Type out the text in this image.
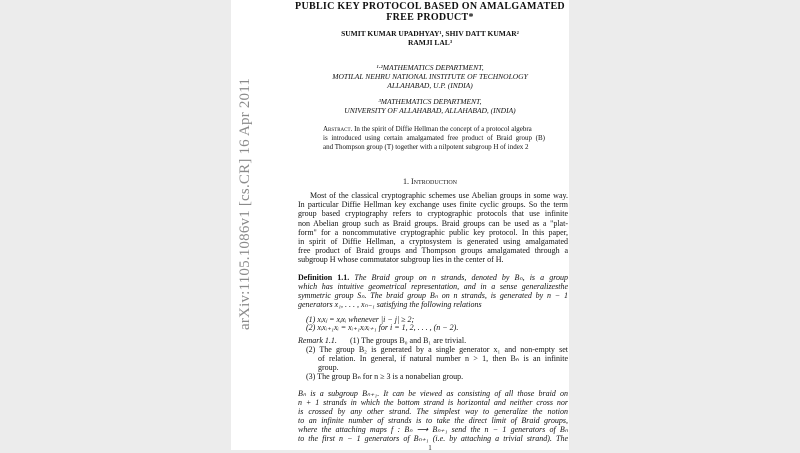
arXiv:1105.1086v1 [cs.CR] 16 Apr 2011
PUBLIC KEY PROTOCOL BASED ON AMALGAMATED
FREE PRODUCT*
SUMIT KUMAR UPADHYAY¹, SHIV DATT KUMAR²
RAMJI LAL³
¹·²MATHEMATICS DEPARTMENT,
MOTILAL NEHRU NATIONAL INSTITUTE OF TECHNOLOGY
ALLAHABAD, U.P. (INDIA)
³MATHEMATICS DEPARTMENT,
UNIVERSITY OF ALLAHABAD, ALLAHABAD, (INDIA)
Abstract. In the spirit of Diffie Hellman the concept of a protocol algebra
is introduced using certain amalgamated free product of Braid group (B)
and Thompson group (T) together with a nilpotent subgroup H of index 2
1. Introduction
Most of the classical cryptographic schemes use Abelian groups in some way.
In particular Diffie Hellman key exchange uses finite cyclic groups. So the term
group based cryptography refers to cryptographic protocols that use infinite
non Abelian group such as Braid groups. Braid groups can be used as a "plat-
form" for a noncommutative cryptographic public key protocol. In this paper,
in spirit of Diffie Hellman, a cryptosystem is generated using amalgamated
free product of Braid groups and Thompson groups amalgamated through a
subgroup H whose commutator subgroup lies in the center of H.
Definition 1.1. The Braid group on n strands, denoted by Bₙ, is a group
which has intuitive geometrical representation, and in a sense generalizesthe
symmetric group Sₙ. The braid group Bₙ on n strands, is generated by n − 1
generators x₁, . . . , xₙ₋₁ satisfying the following relations
(1) xᵢxⱼ = xⱼxᵢ whenever |i − j| ≥ 2;
(2) xᵢxᵢ₊₁xᵢ = xᵢ₊₁xᵢxᵢ₊₁ for i = 1, 2, . . . , (n − 2).
Remark 1.1. (1) The groups B₀ and B₁ are trivial.
(2) The group B₂ is generated by a single generator x₁ and non-empty set
of relation. In general, if natural number n > 1, then Bₙ is an infinite
group.
(3) The group Bₙ for n ≥ 3 is a nonabelian group.
Bₙ is a subgroup Bₙ₊₁. It can be viewed as consisting of all those braid on
n + 1 strands in which the bottom strand is horizontal and neither cross nor
is crossed by any other strand. The simplest way to generalize the notion
to an infinite number of strands is to take the direct limit of Braid groups,
where the attaching maps f : Bₙ ⟶ Bₙ₊₁ send the n − 1 generators of Bₙ
to the first n − 1 generators of Bₙ₊₁ (i.e. by attaching a trivial strand). The
1
